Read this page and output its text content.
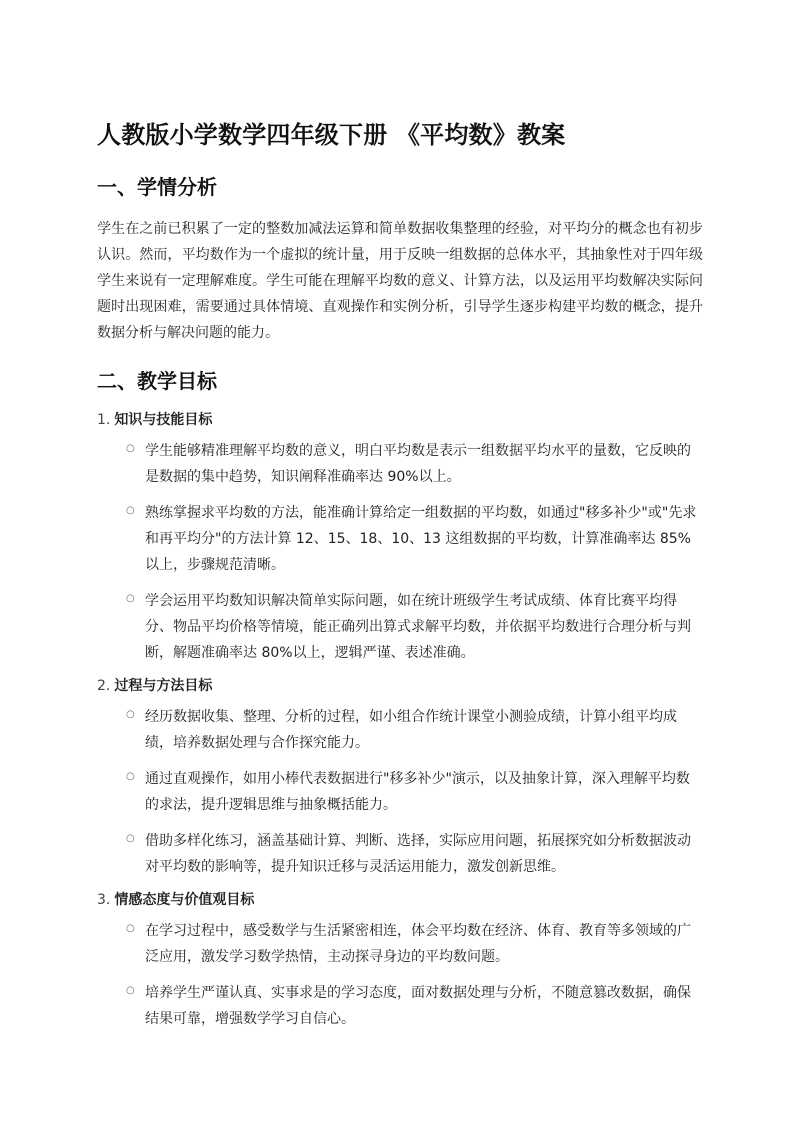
人教版小学数学四年级下册 《平均数》教案
一、学情分析

学生在之前已积累了一定的整数加减法运算和简单数据收集整理的经验，对平均分的概念也有初步认识。然而，平均数作为一个虚拟的统计量，用于反映一组数据的总体水平，其抽象性对于四年级学生来说有一定理解难度。学生可能在理解平均数的意义、计算方法，以及运用平均数解决实际问题时出现困难，需要通过具体情境、直观操作和实例分析，引导学生逐步构建平均数的概念，提升数据分析与解决问题的能力。

二、教学目标
1. 知识与技能目标
○ 学生能够精准理解平均数的意义，明白平均数是表示一组数据平均水平的量数，它反映的是数据的集中趋势，知识阐释准确率达 90%以上。
○ 熟练掌握求平均数的方法，能准确计算给定一组数据的平均数，如通过"移多补少"或"先求和再平均分"的方法计算 12、15、18、10、13 这组数据的平均数，计算准确率达 85%以上，步骤规范清晰。
○ 学会运用平均数知识解决简单实际问题，如在统计班级学生考试成绩、体育比赛平均得分、物品平均价格等情境，能正确列出算式求解平均数，并依据平均数进行合理分析与判断，解题准确率达 80%以上，逻辑严谨、表述准确。
2. 过程与方法目标
○ 经历数据收集、整理、分析的过程，如小组合作统计课堂小测验成绩，计算小组平均成绩，培养数据处理与合作探究能力。
○ 通过直观操作，如用小棒代表数据进行"移多补少"演示，以及抽象计算，深入理解平均数的求法，提升逻辑思维与抽象概括能力。
○ 借助多样化练习，涵盖基础计算、判断、选择，实际应用问题，拓展探究如分析数据波动对平均数的影响等，提升知识迁移与灵活运用能力，激发创新思维。
3. 情感态度与价值观目标
○ 在学习过程中，感受数学与生活紧密相连，体会平均数在经济、体育、教育等多领域的广泛应用，激发学习数学热情，主动探寻身边的平均数问题。
○ 培养学生严谨认真、实事求是的学习态度，面对数据处理与分析，不随意篡改数据，确保结果可靠，增强数学学习自信心。
